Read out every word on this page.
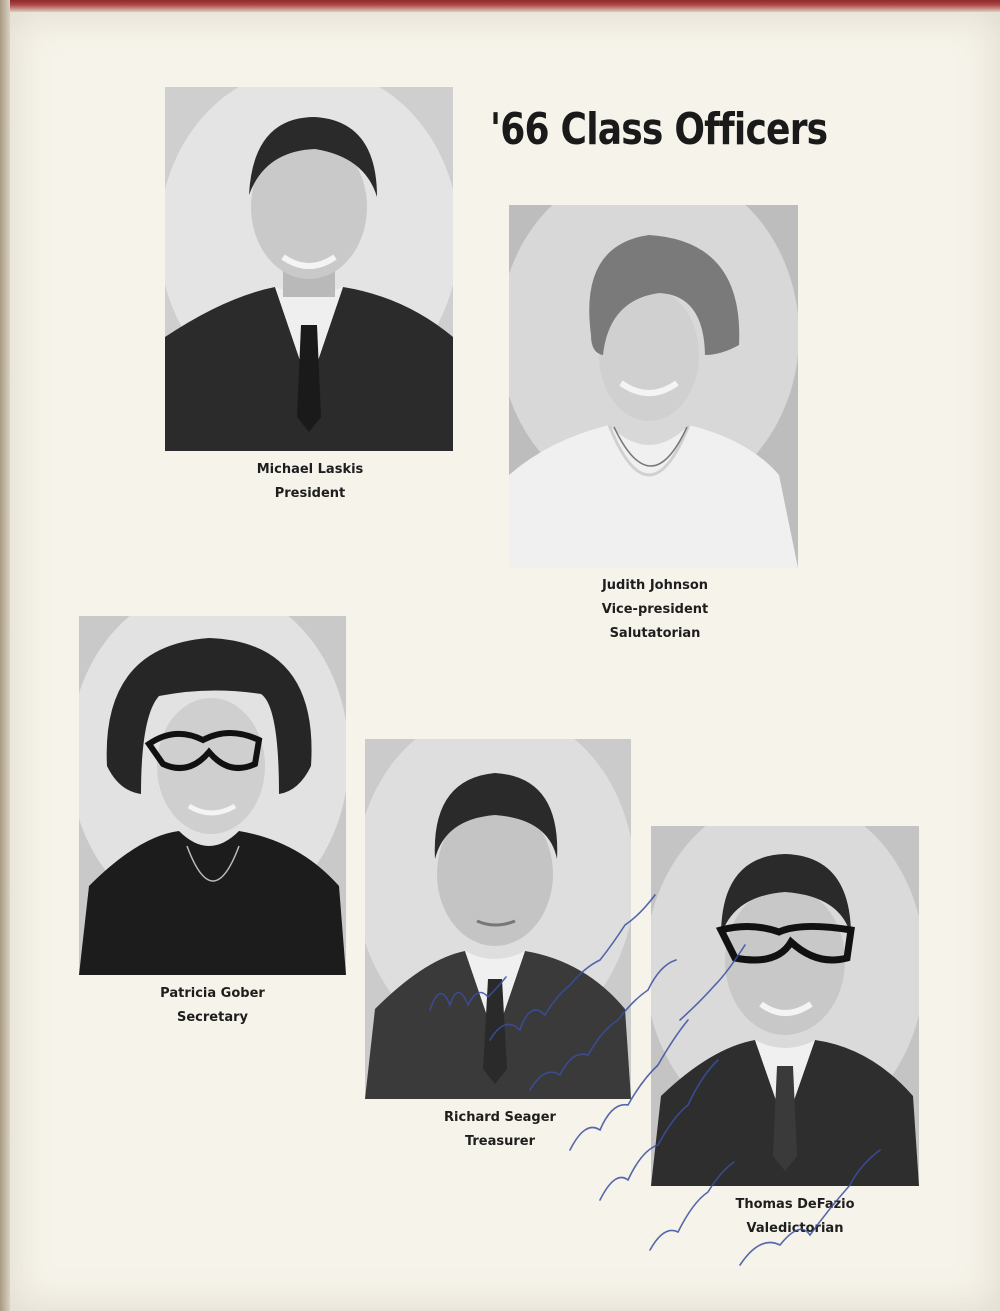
'66 Class Officers
Michael Laskis
President
Judith Johnson
Vice-president
Salutatorian
Patricia Gober
Secretary
Richard Seager
Treasurer
Thomas DeFazio
Valedictorian
